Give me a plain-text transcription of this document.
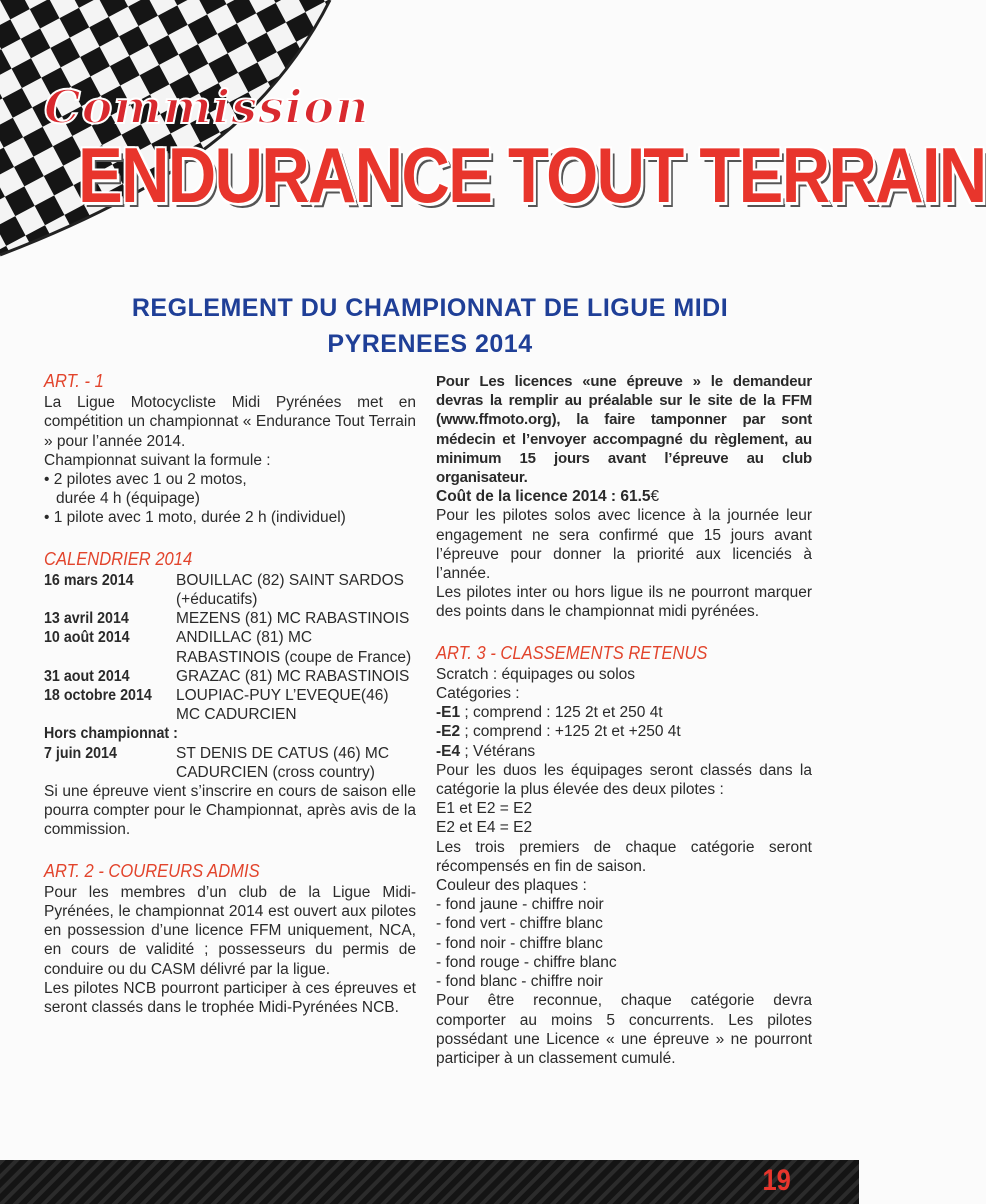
Commission
ENDURANCE TOUT TERRAIN
REGLEMENT DU CHAMPIONNAT DE LIGUE MIDI
PYRENEES 2014
ART. - 1

La Ligue Motocycliste Midi Pyrénées met en compétition un championnat « Endurance Tout Terrain » pour l’année 2014.

Championnat suivant la formule :

• 2 pilotes avec 1 ou 2 motos,

durée 4 h (équipage)

• 1 pilote avec 1 moto, durée 2 h (individuel)

CALENDRIER 2014
16 mars 2014	BOUILLAC (82) SAINT SARDOS (+éducatifs)
13 avril 2014	MEZENS (81) MC RABASTINOIS
10 août 2014	ANDILLAC (81) MC RABASTINOIS (coupe de France)
31 aout 2014	GRAZAC (81) MC RABASTINOIS
18 octobre 2014	LOUPIAC-PUY L’EVEQUE(46) MC CADURCIEN
Hors championnat :
7 juin 2014	ST DENIS DE CATUS (46) MC CADURCIEN (cross country)

Si une épreuve vient s’inscrire en cours de saison elle pourra compter pour le Championnat, après avis de la commission.

ART. 2 - COUREURS ADMIS

Pour les membres d’un club de la Ligue Midi-Pyrénées, le championnat 2014 est ouvert aux pilotes en possession d’une licence FFM uniquement, NCA, en cours de validité ; possesseurs du permis de conduire ou du CASM délivré par la ligue.

Les pilotes NCB pourront participer à ces épreuves et seront classés dans le trophée Midi-Pyrénées NCB.

Pour Les licences «une épreuve » le demandeur devras la remplir au préalable sur le site de la FFM (www.ffmoto.org), la faire tamponner par sont médecin et l’envoyer accompagné du règlement, au minimum 15 jours avant l’épreuve au club organisateur.

Coût de la licence 2014 : 61.5€

Pour les pilotes solos avec licence à la journée leur engagement ne sera confirmé que 15 jours avant l’épreuve pour donner la priorité aux licenciés à l’année.

Les pilotes inter ou hors ligue ils ne pourront marquer des points dans le championnat midi pyrénées.

ART. 3 - CLASSEMENTS RETENUS

Scratch : équipages ou solos

Catégories :

-E1 ; comprend : 125 2t et 250 4t

-E2 ; comprend : +125 2t et +250 4t

-E4 ; Vétérans

Pour les duos les équipages seront classés dans la catégorie la plus élevée des deux pilotes :

E1 et E2 = E2

E2 et E4 = E2

Les trois premiers de chaque catégorie seront récompensés en fin de saison.

Couleur des plaques :

- fond jaune - chiffre noir

- fond vert - chiffre blanc

- fond noir - chiffre blanc

- fond rouge - chiffre blanc

- fond blanc - chiffre noir

Pour être reconnue, chaque catégorie devra comporter au moins 5 concurrents. Les pilotes possédant une Licence « une épreuve » ne pourront participer à un classement cumulé.

19
